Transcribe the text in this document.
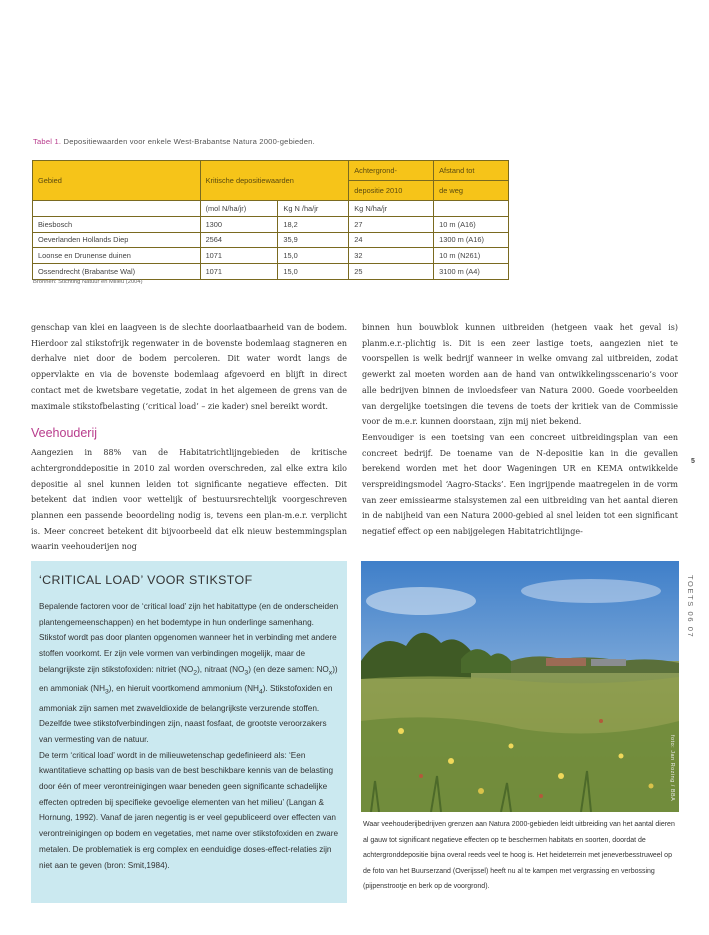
Tabel 1. Depositiewaarden voor enkele West-Brabantse Natura 2000-gebieden.
Gebied	Kritische depositiewaarden		Achtergrond-	Afstand tot
			depositie 2010	de weg
	(mol N/ha/jr)	Kg N /ha/jr	Kg N/ha/jr	
Biesbosch	1300	18,2	27	10 m (A16)
Oeverlanden Hollands Diep	2564	35,9	24	1300 m (A16)
Loonse en Drunense duinen	1071	15,0	32	10 m (N261)
Ossendrecht (Brabantse Wal)	1071	15,0	25	3100 m (A4)
Bronnen: Stichting Natuur en Milieu (2004)

genschap van klei en laagveen is de slechte doorlaatbaarheid van de bodem. Hierdoor zal stikstofrijk regenwater in de bovenste bodemlaag stagneren en derhalve niet door de bodem percoleren. Dit water wordt langs de oppervlakte en via de bovenste bodemlaag afgevoerd en blijft in direct contact met de kwetsbare vegetatie, zodat in het algemeen de grens van de maximale stikstofbelasting (‘critical load’ – zie kader) snel bereikt wordt.

Veehouderij

Aangezien in 88% van de Habitatrichtlijngebieden de kritische achtergronddepositie in 2010 zal worden overschreden, zal elke extra kilo depositie al snel kunnen leiden tot significante negatieve effecten. Dit betekent dat indien voor wettelijk of bestuursrechtelijk voorgeschreven plannen een passende beoordeling nodig is, tevens een plan-m.e.r. verplicht is. Meer concreet betekent dit bijvoorbeeld dat elk nieuw bestemmingsplan waarin veehouderijen nog

binnen hun bouwblok kunnen uitbreiden (hetgeen vaak het geval is) planm.e.r.-plichtig is. Dit is een zeer lastige toets, aangezien niet te voorspellen is welk bedrijf wanneer in welke omvang zal uitbreiden, zodat gewerkt zal moeten worden aan de hand van ontwikkelingsscenario’s voor alle bedrijven binnen de invloedsfeer van Natura 2000. Goede voorbeelden van dergelijke toetsingen die tevens de toets der kritiek van de Commissie voor de m.e.r. kunnen doorstaan, zijn mij niet bekend.

Eenvoudiger is een toetsing van een concreet uitbreidingsplan van een concreet bedrijf. De toename van de N-depositie kan in die gevallen berekend worden met het door Wageningen UR en KEMA ontwikkelde verspreidingsmodel ‘Aagro-Stacks’. Een ingrijpende maatregelen in de vorm van zeer emissiearme stalsystemen zal een uitbreiding van het aantal dieren in de nabijheid van een Natura 2000-gebied al snel leiden tot een significant negatief effect op een nabijgelegen Habitatrichtlijnge-

5
TOETS 06 07
‘CRITICAL LOAD’ VOOR STIKSTOF

Bepalende factoren voor de ‘critical load’ zijn het habitattype (en de onderscheiden plantengemeenschappen) en het bodemtype in hun onderlinge samenhang. Stikstof wordt pas door planten opgenomen wanneer het in verbinding met andere stoffen voorkomt. Er zijn vele vormen van verbindingen mogelijk, maar de belangrijkste zijn stikstofoxiden: nitriet $(NO_2)$, nitraat $(NO_3)$ (en deze samen: $NO_x$)) en ammoniak $(NH_3)$, en hieruit voortkomend ammonium $(NH_4)$. Stikstofoxiden en ammoniak zijn samen met zwaveldioxide de belangrijkste verzurende stoffen. Dezelfde twee stikstofverbindingen zijn, naast fosfaat, de grootste veroorzakers van vermesting van de natuur.

De term ‘critical load’ wordt in de milieuwetenschap gedefinieerd als: ‘Een kwantitatieve schatting op basis van de best beschikbare kennis van de belasting door één of meer verontreinigingen waar beneden geen significante schadelijke effecten optreden bij specifieke gevoelige elementen van het milieu’ (Langan & Hornung, 1992). Vanaf de jaren negentig is er veel gepubliceerd over effecten van verontreinigingen op bodem en vegetaties, met name over stikstofoxiden en zware metalen. De problematiek is erg complex en eenduidige doses-effect-relaties zijn niet aan te geven (bron: Smit,1984).

foto: Jan Rozing / BBA
Waar veehouderijbedrijven grenzen aan Natura 2000-gebieden leidt uitbreiding van het aantal dieren al gauw tot significant negatieve effecten op te beschermen habitats en soorten, doordat de achtergronddepositie bijna overal reeds veel te hoog is. Het heideterrein met jeneverbesstruweel op de foto van het Buurserzand (Overijssel) heeft nu al te kampen met vergrassing en verbossing (pijpenstrootje en berk op de voorgrond).
